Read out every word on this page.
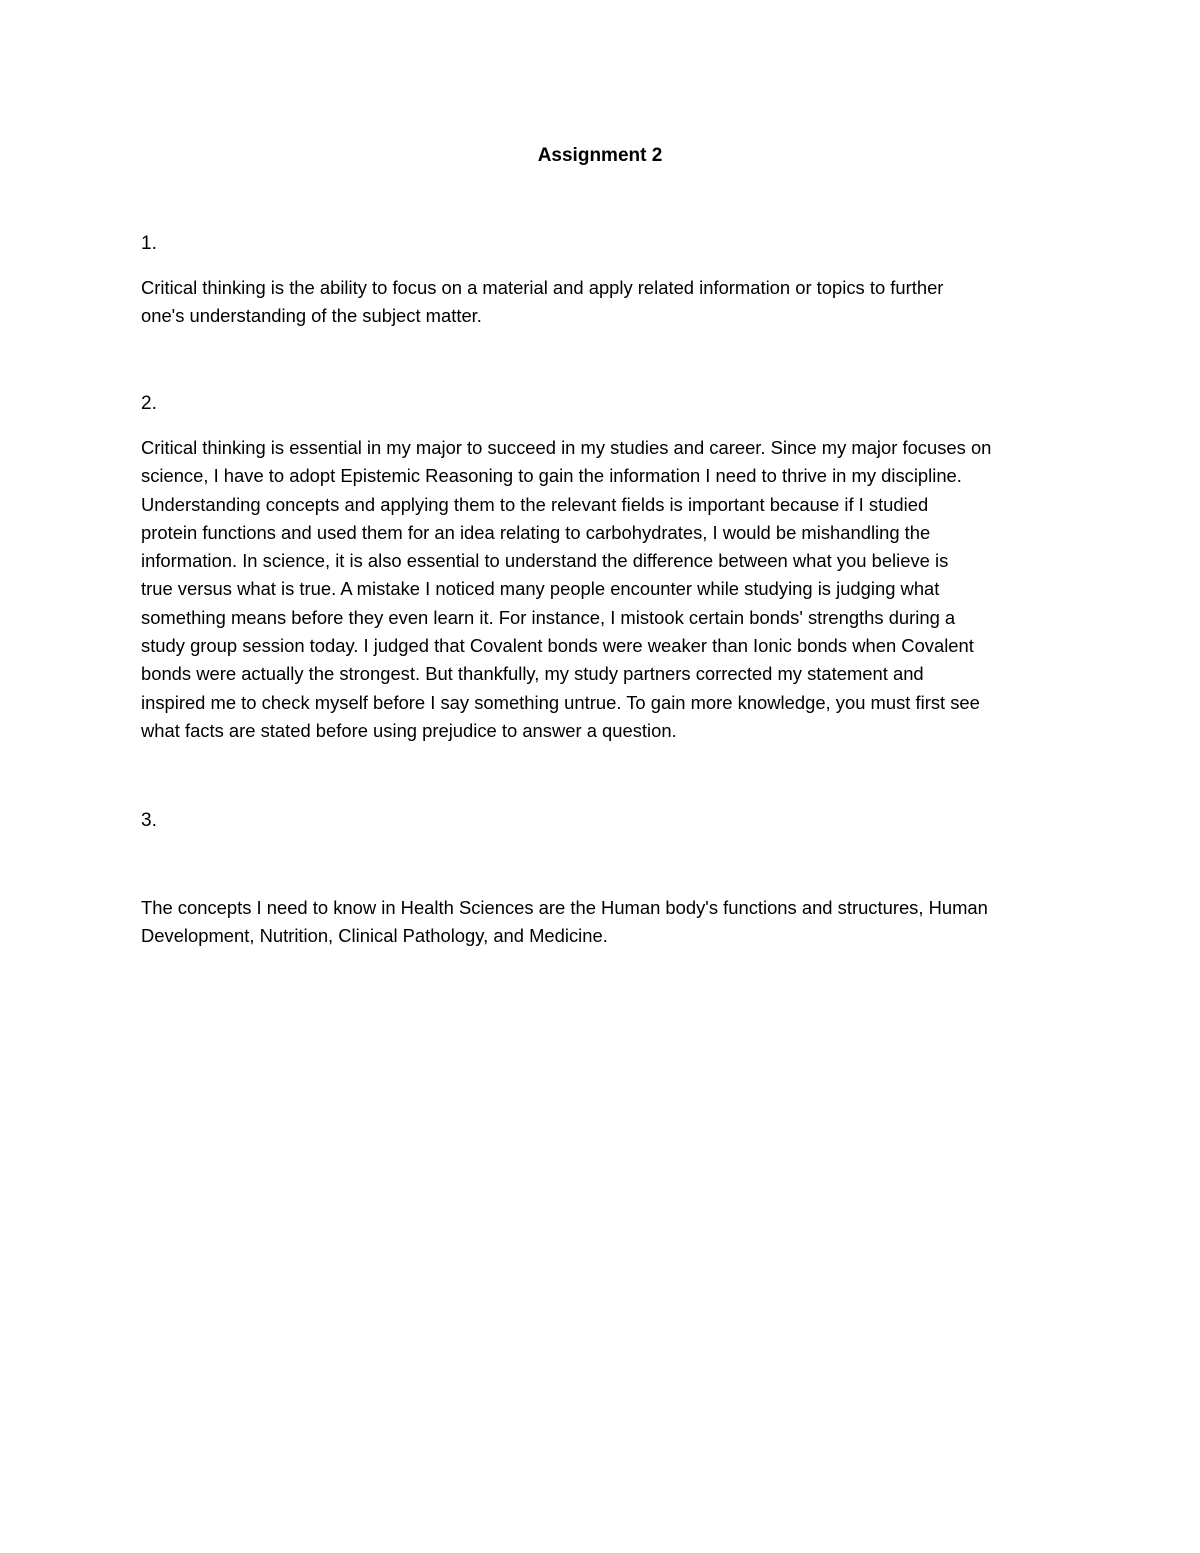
Assignment 2
1.
Critical thinking is the ability to focus on a material and apply related information or topics to further
one's understanding of the subject matter.
2.
Critical thinking is essential in my major to succeed in my studies and career. Since my major focuses on
science, I have to adopt Epistemic Reasoning to gain the information I need to thrive in my discipline.
Understanding concepts and applying them to the relevant fields is important because if I studied
protein functions and used them for an idea relating to carbohydrates, I would be mishandling the
information. In science, it is also essential to understand the difference between what you believe is
true versus what is true. A mistake I noticed many people encounter while studying is judging what
something means before they even learn it. For instance, I mistook certain bonds' strengths during a
study group session today. I judged that Covalent bonds were weaker than Ionic bonds when Covalent
bonds were actually the strongest. But thankfully, my study partners corrected my statement and
inspired me to check myself before I say something untrue. To gain more knowledge, you must first see
what facts are stated before using prejudice to answer a question.
3.
The concepts I need to know in Health Sciences are the Human body's functions and structures, Human
Development, Nutrition, Clinical Pathology, and Medicine.
